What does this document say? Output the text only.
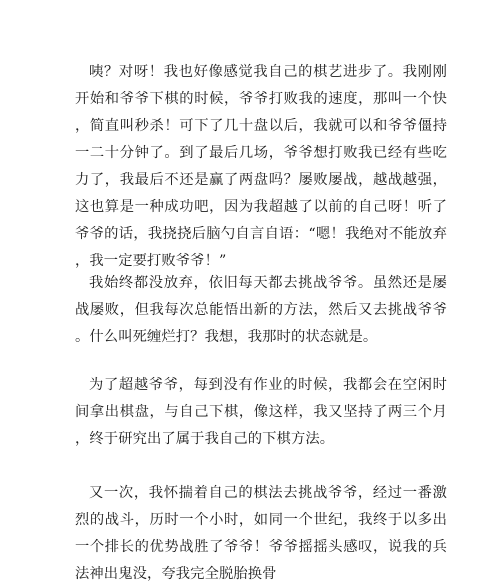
咦？对呀！我也好像感觉我自己的棋艺进步了。我刚刚开始和爷爷下棋的时候，爷爷打败我的速度，那叫一个快，简直叫秒杀！可下了几十盘以后，我就可以和爷爷僵持一二十分钟了。到了最后几场，爷爷想打败我已经有些吃力了，我最后不还是赢了两盘吗？屡败屡战，越战越强，这也算是一种成功吧，因为我超越了以前的自己呀！听了爷爷的话，我挠挠后脑勺自言自语：“嗯！我绝对不能放弃，我一定要打败爷爷！”

我始终都没放弃，依旧每天都去挑战爷爷。虽然还是屡战屡败，但我每次总能悟出新的方法，然后又去挑战爷爷。什么叫死缠烂打？我想，我那时的状态就是。

为了超越爷爷，每到没有作业的时候，我都会在空闲时间拿出棋盘，与自己下棋，像这样，我又坚持了两三个月，终于研究出了属于我自己的下棋方法。

又一次，我怀揣着自己的棋法去挑战爷爷，经过一番激烈的战斗，历时一个小时，如同一个世纪，我终于以多出一个排长的优势战胜了爷爷！爷爷摇摇头感叹，说我的兵法神出鬼没，夸我完全脱胎换骨
